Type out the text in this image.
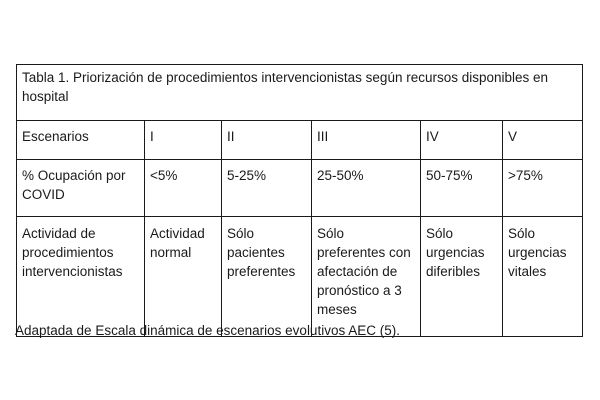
Tabla 1. Priorización de procedimientos intervencionistas según recursos disponibles en hospital					
Escenarios	I	II	III	IV	V
% Ocupación por COVID	<5%	5-25%	25-50%	50-75%	>75%
Actividad de procedimientos intervencionistas	Actividad normal	Sólo pacientes preferentes	Sólo preferentes con afectación de pronóstico a 3 meses	Sólo urgencias diferibles	Sólo urgencias vitales
Adaptada de Escala dinámica de escenarios evolutivos AEC (5).
